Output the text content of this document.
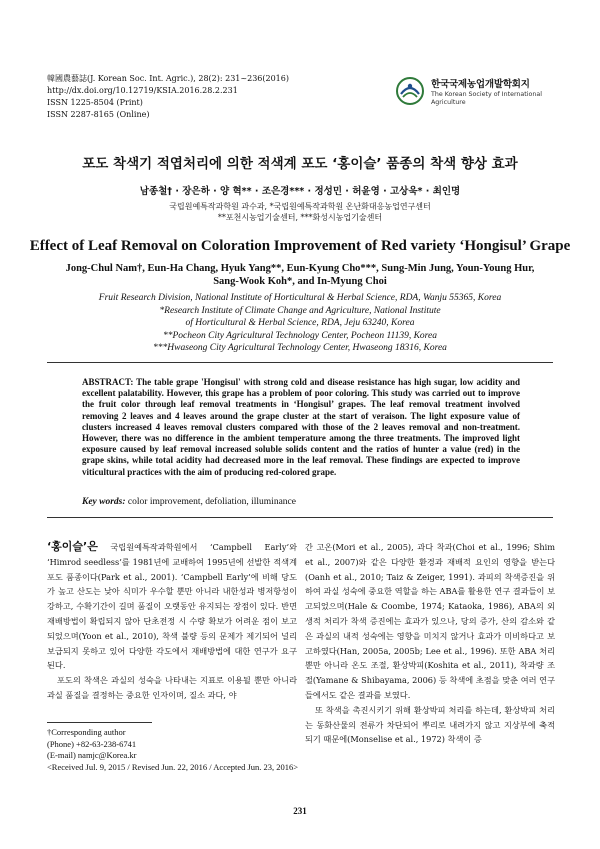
韓國農藝誌(J. Korean Soc. Int. Agric.), 28(2): 231~236(2016)
http://dx.doi.org/10.12719/KSIA.2016.28.2.231
ISSN 1225-8504 (Print)
ISSN 2287-8165 (Online)
한국국제농업개발학회지
The Korean Society of International
Agriculture
포도 착색기 적엽처리에 의한 적색계 포도 ‘홍이슬’ 품종의 착색 향상 효과
남종철† · 장은하 · 양 혁** · 조은경*** · 정성민 · 허윤영 · 고상욱* · 최인명
국립원예특작과학원 과수과, *국립원예특작과학원 온난화대응농업연구센터
**포천시농업기술센터, ***화성시농업기술센터
Effect of Leaf Removal on Coloration Improvement of Red variety ‘Hongisul’ Grape
Jong-Chul Nam†, Eun-Ha Chang, Hyuk Yang**, Eun-Kyung Cho***, Sung-Min Jung, Youn-Young Hur,
Sang-Wook Koh*, and In-Myung Choi
Fruit Research Division, National Institute of Horticultural & Herbal Science, RDA, Wanju 55365, Korea
*Research Institute of Climate Change and Agriculture, National Institute
of Horticultural & Herbal Science, RDA, Jeju 63240, Korea
**Pocheon City Agricultural Technology Center, Pocheon 11139, Korea
***Hwaseong City Agricultural Technology Center, Hwaseong 18316, Korea
ABSTRACT: The table grape 'Hongisul' with strong cold and disease resistance has high sugar, low acidity and excellent palatability. However, this grape has a problem of poor coloring. This study was carried out to improve the fruit color through leaf removal treatments in ‘Hongisul’ grapes. The leaf removal treatment involved removing 2 leaves and 4 leaves around the grape cluster at the start of veraison. The light exposure value of clusters increased 4 leaves removal clusters compared with those of the 2 leaves removal and non-treatment. However, there was no difference in the ambient temperature among the three treatments. The improved light exposure caused by leaf removal increased soluble solids content and the ratios of hunter a value (red) in the grape skins, while total acidity had decreased more in the leaf removal. These findings are expected to improve viticultural practices with the aim of producing red-colored grape.
Key words: color improvement, defoliation, illuminance

‘홍이슬’은 국립원예특작과학원에서 ‘Campbell Early’와 ‘Himrod seedless’를 1981년에 교배하여 1995년에 선발한 적색계 포도 품종이다(Park et al., 2001). ‘Campbell Early’에 비해 당도가 높고 산도는 낮아 식미가 우수할 뿐만 아니라 내한성과 병저항성이 강하고, 수확기간이 길며 품질이 오랫동안 유지되는 장점이 있다. 반면 재배방법이 확립되지 않아 단초전정 시 수량 확보가 어려운 점이 보고되었으며(Yoon et al., 2010), 착색 불량 등의 문제가 제기되어 널리 보급되지 못하고 있어 다양한 각도에서 재배방법에 대한 연구가 요구된다.

포도의 착색은 과실의 성숙을 나타내는 지표로 이용될 뿐만 아니라 과실 품질을 결정하는 중요한 인자이며, 질소 과다, 야

간 고온(Mori et al., 2005), 과다 착과(Choi et al., 1996; Shim et al., 2007)와 같은 다양한 환경과 재배적 요인의 영향을 받는다(Oanh et al., 2010; Taiz & Zeiger, 1991). 과피의 착색증진을 위하여 과실 성숙에 중요한 역할을 하는 ABA를 활용한 연구 결과들이 보고되었으며(Hale & Coombe, 1974; Kataoka, 1986), ABA의 외생적 처리가 착색 증진에는 효과가 있으나, 당의 증가, 산의 감소와 같은 과실의 내적 성숙에는 영향을 미치지 않거나 효과가 미비하다고 보고하였다(Han, 2005a, 2005b; Lee et al., 1996). 또한 ABA 처리뿐만 아니라 온도 조절, 환상박피(Koshita et al., 2011), 착과량 조절(Yamane & Shibayama, 2006) 등 착색에 초점을 맞춘 여러 연구들에서도 같은 결과를 보였다.

또 착색을 촉진시키기 위해 환상박피 처리를 하는데, 환상박피 처리는 동화산물의 전류가 차단되어 뿌리로 내려가지 않고 지상부에 축적되기 때문에(Monselise et al., 1972) 착색이 증

†Corresponding author
(Phone) +82-63-238-6741
(E-mail) namjc@Korea.kr
<Received Jul. 9, 2015 / Revised Jun. 22, 2016 / Accepted Jun. 23, 2016>
231
